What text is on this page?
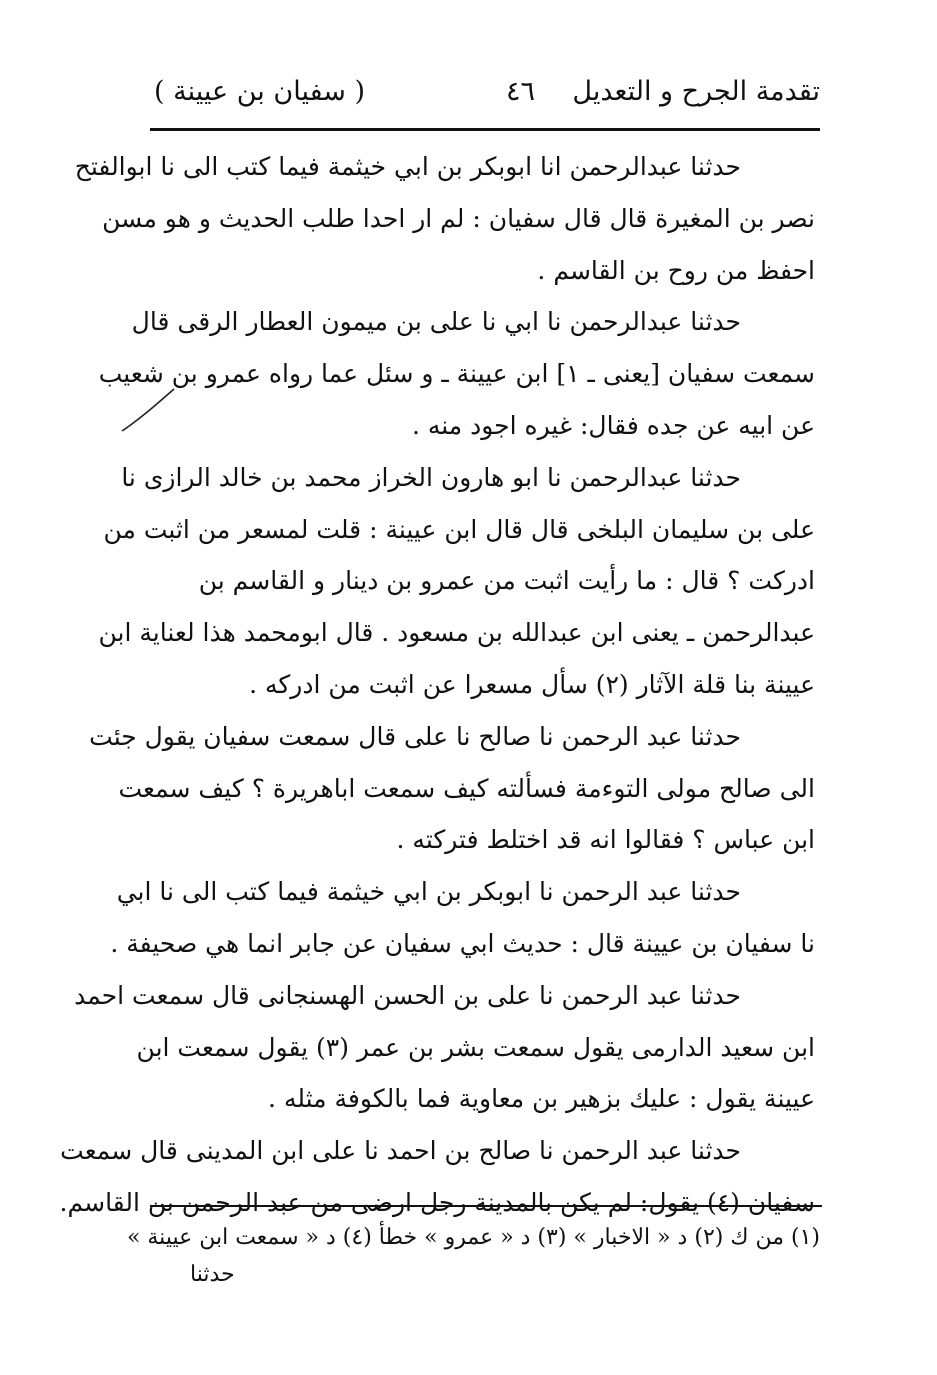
تقدمة الجرح و التعديل
٤٦
( سفيان بن عيينة )

حدثنا عبدالرحمن انا ابوبكر بن ابي خيثمة فيما كتب الى نا ابوالفتح
نصر بن المغيرة قال قال سفيان : لم ار احدا طلب الحديث و هو مسن
احفظ من روح بن القاسم .

حدثنا عبدالرحمن نا ابي نا على بن ميمون العطار الرقى قال
سمعت سفيان [يعنى ـ ١] ابن عيينة ـ و سئل عما رواه عمرو بن شعيب
عن ابيه عن جده فقال: غيره اجود منه .

حدثنا عبدالرحمن نا ابو هارون الخراز محمد بن خالد الرازى نا
على بن سليمان البلخى قال قال ابن عيينة : قلت لمسعر من اثبت من
ادركت ؟ قال : ما رأيت اثبت من عمرو بن دينار و القاسم بن
عبدالرحمن ـ يعنى ابن عبدالله بن مسعود . قال ابومحمد هذا لعناية ابن
عيينة بنا قلة الآثار (٢) سأل مسعرا عن اثبت من ادركه .

حدثنا عبد الرحمن نا صالح نا على قال سمعت سفيان يقول جئت
الى صالح مولى التوءمة فسألته كيف سمعت اباهريرة ؟ كيف سمعت
ابن عباس ؟ فقالوا انه قد اختلط فتركته .

حدثنا عبد الرحمن نا ابوبكر بن ابي خيثمة فيما كتب الى نا ابي
نا سفيان بن عيينة قال : حديث ابي سفيان عن جابر انما هي صحيفة .

حدثنا عبد الرحمن نا على بن الحسن الهسنجانى قال سمعت احمد
ابن سعيد الدارمى يقول سمعت بشر بن عمر (٣) يقول سمعت ابن
عيينة يقول : عليك بزهير بن معاوية فما بالكوفة مثله .

حدثنا عبد الرحمن نا صالح بن احمد نا على ابن المدينى قال سمعت
سفيان (٤) يقول: لم يكن بالمدينة رجل ارضى من عبد الرحمن بن القاسم.

(١) من ك (٢) د « الاخبار » (٣) د « عمرو » خطأ (٤) د « سمعت ابن عيينة »
حدثنا
